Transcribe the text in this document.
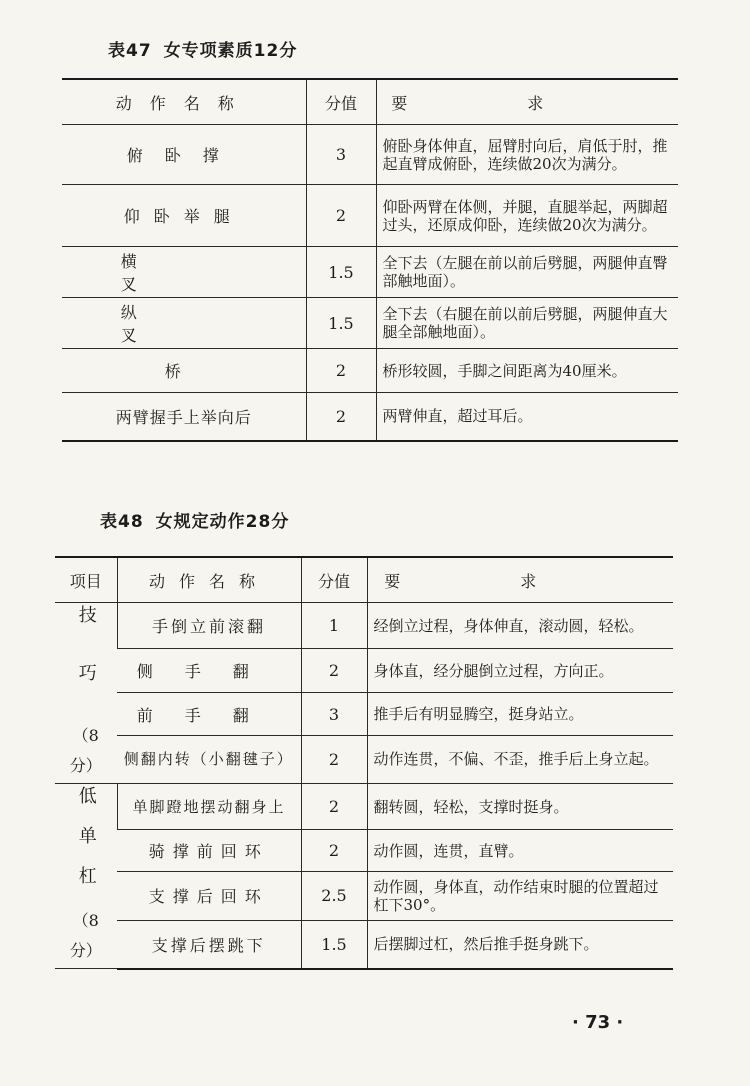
表47 女专项素质12分
动作名称	分值	要求
俯卧撑	3	俯卧身体伸直，屈臂肘向后，肩低于肘，推起直臂成俯卧，连续做20次为满分。
仰卧举腿	2	仰卧两臂在体侧，并腿，直腿举起，两脚超过头，还原成仰卧，连续做20次为满分。
横叉	1.5	全下去（左腿在前以前后劈腿，两腿伸直臀部触地面）。
纵叉	1.5	全下去（右腿在前以前后劈腿，两腿伸直大腿全部触地面）。
桥	2	桥形较圆，手脚之间距离为40厘米。
两臂握手上举向后	2	两臂伸直，超过耳后。
表48 女规定动作28分
项目	动作名称	分值	要求

技巧
（8分）	手倒立前滚翻	1	经倒立过程，身体伸直，滚动圆，轻松。
	侧手翻	2	身体直，经分腿倒立过程，方向正。
	前手翻	3	推手后有明显腾空，挺身站立。
	侧翻内转（小翻毽子）	2	动作连贯，不偏、不歪，推手后上身立起。

低单杠
（8分）	单脚蹬地摆动翻身上	2	翻转圆，轻松，支撑时挺身。
	骑撑前回环	2	动作圆，连贯，直臂。
	支撑后回环	2.5	动作圆，身体直，动作结束时腿的位置超过杠下30°。
	支撑后摆跳下	1.5	后摆脚过杠，然后推手挺身跳下。
· 73 ·
